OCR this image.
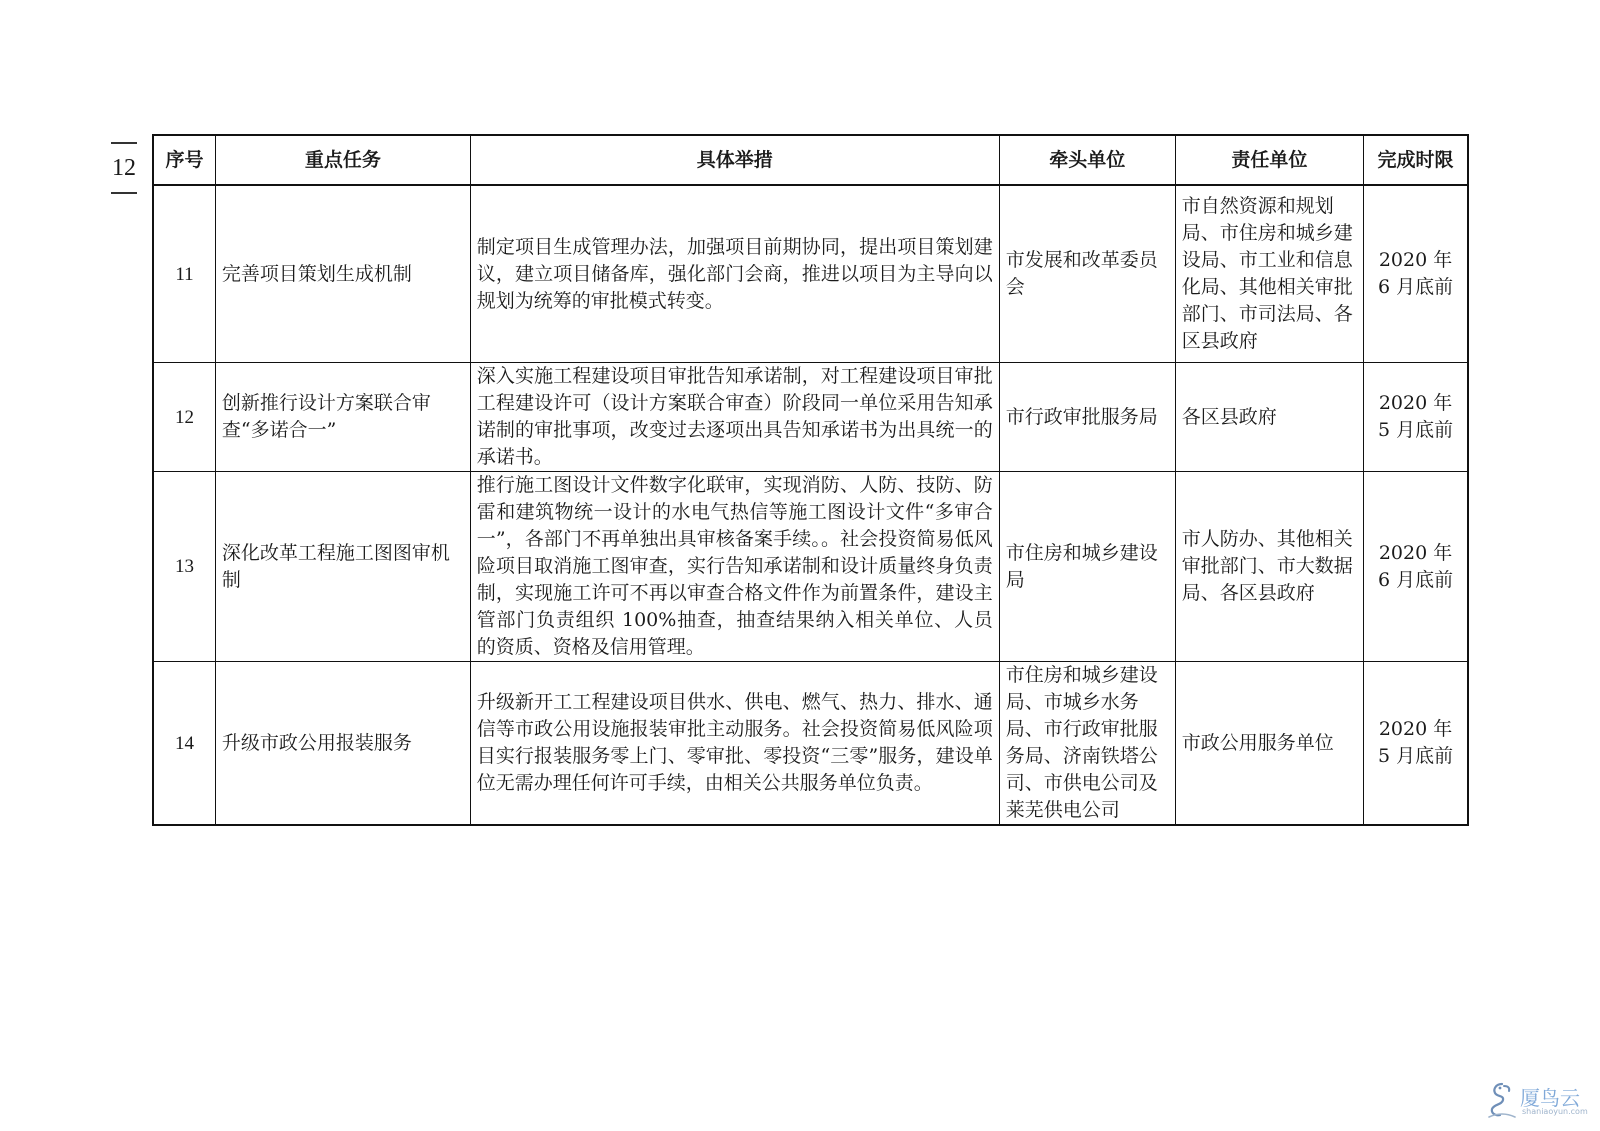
12 序号	重点任务	具体举措	牵头单位	责任单位	完成时限
11	完善项目策划生成机制	制定项目生成管理办法，加强项目前期协同，提出项目策划建议，建立项目储备库，强化部门会商，推进以项目为主导向以规划为统筹的审批模式转变。	市发展和改革委员会	市自然资源和规划局、市住房和城乡建设局、市工业和信息化局、其他相关审批部门、市司法局、各区县政府	2020 年 6 月底前
12	创新推行设计方案联合审查“多诺合一”	深入实施工程建设项目审批告知承诺制，对工程建设项目审批工程建设许可（设计方案联合审查）阶段同一单位采用告知承诺制的审批事项，改变过去逐项出具告知承诺书为出具统一的承诺书。	市行政审批服务局	各区县政府	2020 年 5 月底前
13	深化改革工程施工图图审机制	推行施工图设计文件数字化联审，实现消防、人防、技防、防雷和建筑物统一设计的水电气热信等施工图设计文件“多审合一”，各部门不再单独出具审核备案手续。。社会投资简易低风险项目取消施工图审查，实行告知承诺制和设计质量终身负责制，实现施工许可不再以审查合格文件作为前置条件，建设主管部门负责组织 100%抽查，抽查结果纳入相关单位、人员的资质、资格及信用管理。	市住房和城乡建设局	市人防办、其他相关审批部门、市大数据局、各区县政府	2020 年 6 月底前
14	升级市政公用报装服务	升级新开工工程建设项目供水、供电、燃气、热力、排水、通信等市政公用设施报装审批主动服务。社会投资简易低风险项目实行报装服务零上门、零审批、零投资“三零”服务，建设单位无需办理任何许可手续，由相关公共服务单位负责。	市住房和城乡建设局、市城乡水务局、市行政审批服务局、济南铁塔公司、市供电公司及莱芜供电公司	市政公用服务单位	2020 年 5 月底前
厦鸟云
shaniaoyun.com
